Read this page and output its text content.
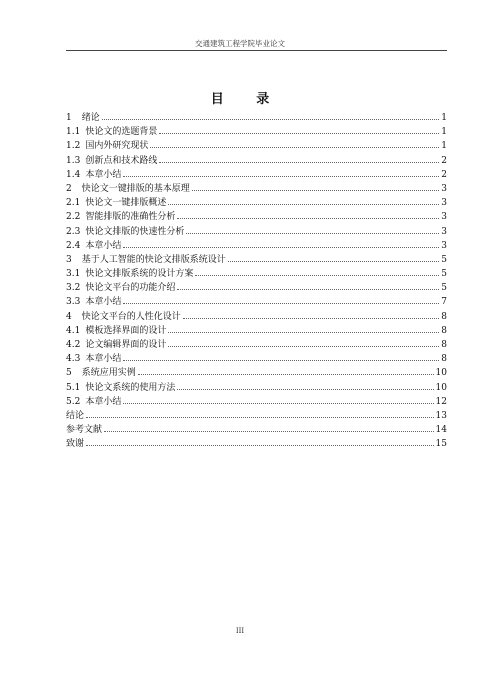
交通建筑工程学院毕业论文
目 录
1 绪论	1
1.1 快论文的选题背景	1
1.2 国内外研究现状	1
1.3 创新点和技术路线	2
1.4 本章小结	2
2 快论文一键排版的基本原理	3
2.1 快论文一键排版概述	3
2.2 智能排版的准确性分析	3
2.3 快论文排版的快速性分析	3
2.4 本章小结	3
3 基于人工智能的快论文排版系统设计	5
3.1 快论文排版系统的设计方案	5
3.2 快论文平台的功能介绍	5
3.3 本章小结	7
4 快论文平台的人性化设计	8
4.1 模板选择界面的设计	8
4.2 论文编辑界面的设计	8
4.3 本章小结	8
5 系统应用实例	10
5.1 快论文系统的使用方法	10
5.2 本章小结	12
结论	13
参考文献	14
致谢	15
III
